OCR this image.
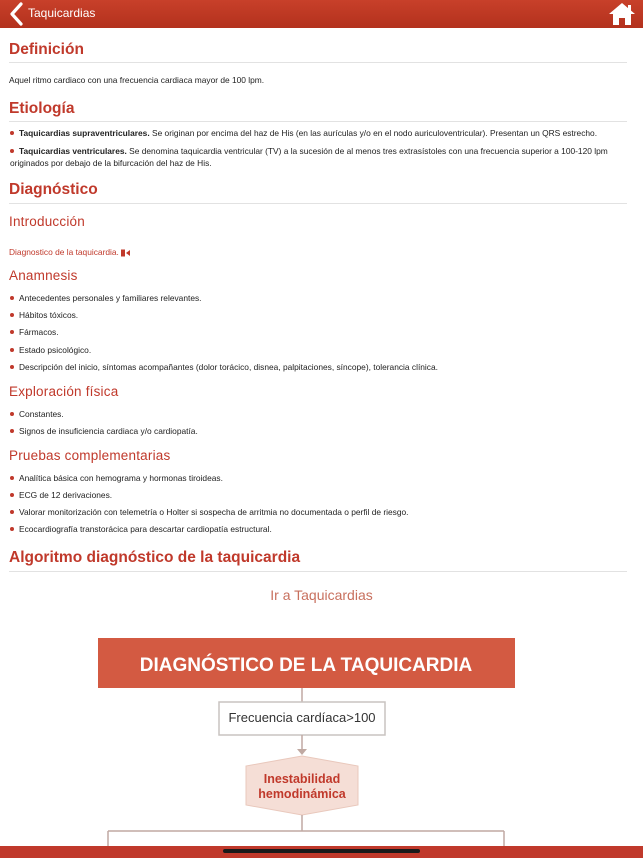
Taquicardias
Definición
Aquel ritmo cardiaco con una frecuencia cardiaca mayor de 100 lpm.
Etiología
Taquicardias supraventriculares. Se originan por encima del haz de His (en las aurículas y/o en el nodo auriculoventricular). Presentan un QRS estrecho.
Taquicardias ventriculares. Se denomina taquicardia ventricular (TV) a la sucesión de al menos tres extrasístoles con una frecuencia superior a 100-120 lpm originados por debajo de la bifurcación del haz de His.
Diagnóstico
Introducción
Diagnostico de la taquicardia.
Anamnesis
Antecedentes personales y familiares relevantes.
Hábitos tóxicos.
Fármacos.
Estado psicológico.
Descripción del inicio, síntomas acompañantes (dolor torácico, disnea, palpitaciones, síncope), tolerancia clínica.
Exploración física
Constantes.
Signos de insuficiencia cardiaca y/o cardiopatía.
Pruebas complementarias
Analítica básica con hemograma y hormonas tiroideas.
ECG de 12 derivaciones.
Valorar monitorización con telemetría o Holter si sospecha de arritmia no documentada o perfil de riesgo.
Ecocardiografía transtorácica para descartar cardiopatía estructural.
Algoritmo diagnóstico de la taquicardia
Ir a Taquicardias
DIAGNÓSTICO DE LA TAQUICARDIA
Frecuencia cardíaca>100
Inestabilidad
hemodinámica
